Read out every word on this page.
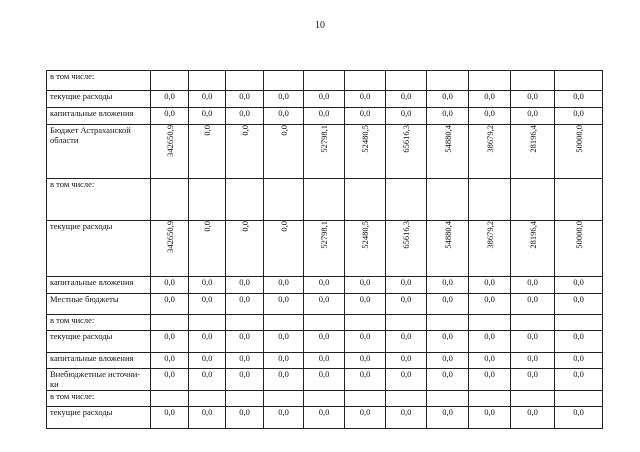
10
в том числе:											
текущие расходы	0,0	0,0	0,0	0,0	0,0	0,0	0,0	0,0	0,0	0,0	0,0
капитальные вложения	0,0	0,0	0,0	0,0	0,0	0,0	0,0	0,0	0,0	0,0	0,0
Бюджет Астраханской области	342650,9	0,0	0,0	0,0	52798,1	52480,5	65616,3	54880,4	38679,2	28196,4	50000,0
в том числе:											
текущие расходы	342650,9	0,0	0,0	0,0	52798,1	52480,5	65616,3	54880,4	38679,2	28196,4	50000,0
капитальные вложения	0,0	0,0	0,0	0,0	0,0	0,0	0,0	0,0	0,0	0,0	0,0
Местные бюджеты	0,0	0,0	0,0	0,0	0,0	0,0	0,0	0,0	0,0	0,0	0,0
в том числе:											
текущие расходы	0,0	0,0	0,0	0,0	0,0	0,0	0,0	0,0	0,0	0,0	0,0
капитальные вложения	0,0	0,0	0,0	0,0	0,0	0,0	0,0	0,0	0,0	0,0	0,0
Внебюджетные источни-ки	0,0	0,0	0,0	0,0	0,0	0,0	0,0	0,0	0,0	0,0	0,0
в том числе:											
текущие расходы	0,0	0,0	0,0	0,0	0,0	0,0	0,0	0,0	0,0	0,0	0,0
